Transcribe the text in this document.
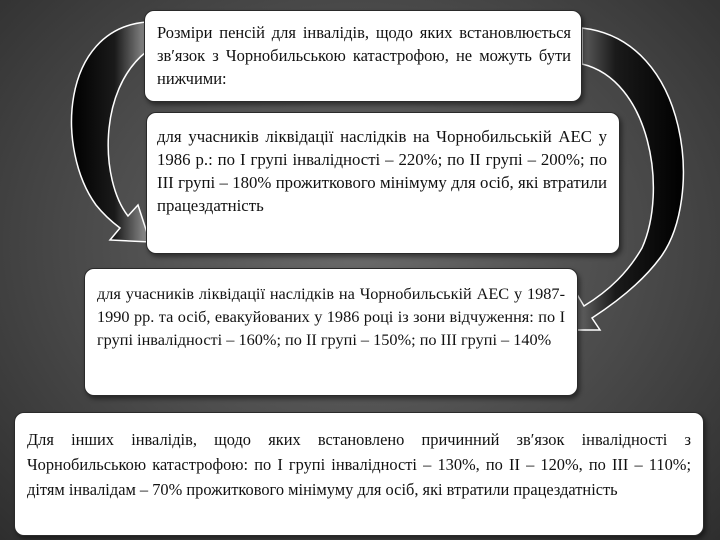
Розміри пенсій для інвалідів, щодо яких встановлюється зв′язок з Чорнобильською катастрофою, не можуть бути нижчими:
для учасників ліквідації наслідків на Чорнобильській АЕС у 1986 р.: по І групі інвалідності – 220%; по ІІ групі – 200%; по ІІІ групі – 180% прожиткового мінімуму для осіб, які втратили працездатність
для учасників ліквідації наслідків на Чорнобильській АЕС у 1987-1990 рр. та осіб, евакуйованих у 1986 році із зони відчуження: по І групі інвалідності – 160%; по ІІ групі – 150%; по ІІІ групі – 140%
Для інших інвалідів, щодо яких встановлено причинний зв′язок інвалідності з Чорнобильською катастрофою: по І групі інвалідності – 130%, по ІІ – 120%, по ІІІ – 110%; дітям інвалідам – 70% прожиткового мінімуму для осіб, які втратили працездатність
